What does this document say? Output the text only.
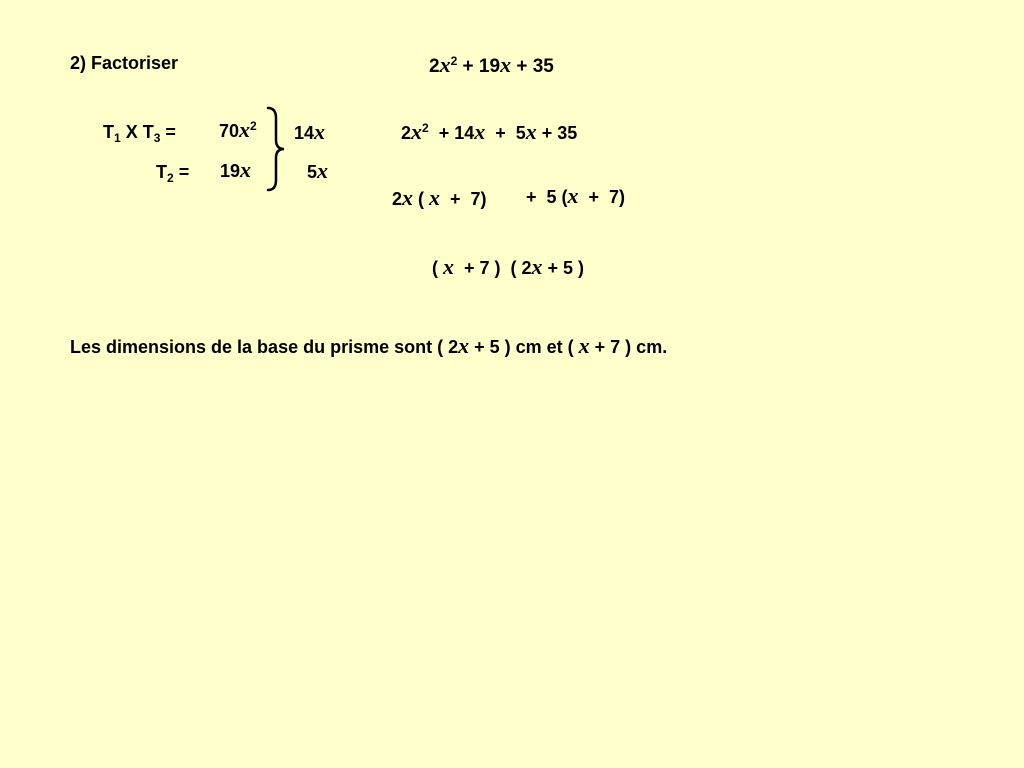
2) Factoriser	$2x^2 + 19x + 35$
$T_1$ X $T_3 = 70x^2$
$T_2 = 19x$
14x
5x
$2x^2 + 14x + 5x + 35$
2x ( x  +  7) +  5 (x  +  7)
( x  + 7 )  ( 2x + 5 )
Les dimensions de la base du prisme sont ( 2x + 5 ) cm et ( x + 7 ) cm.
